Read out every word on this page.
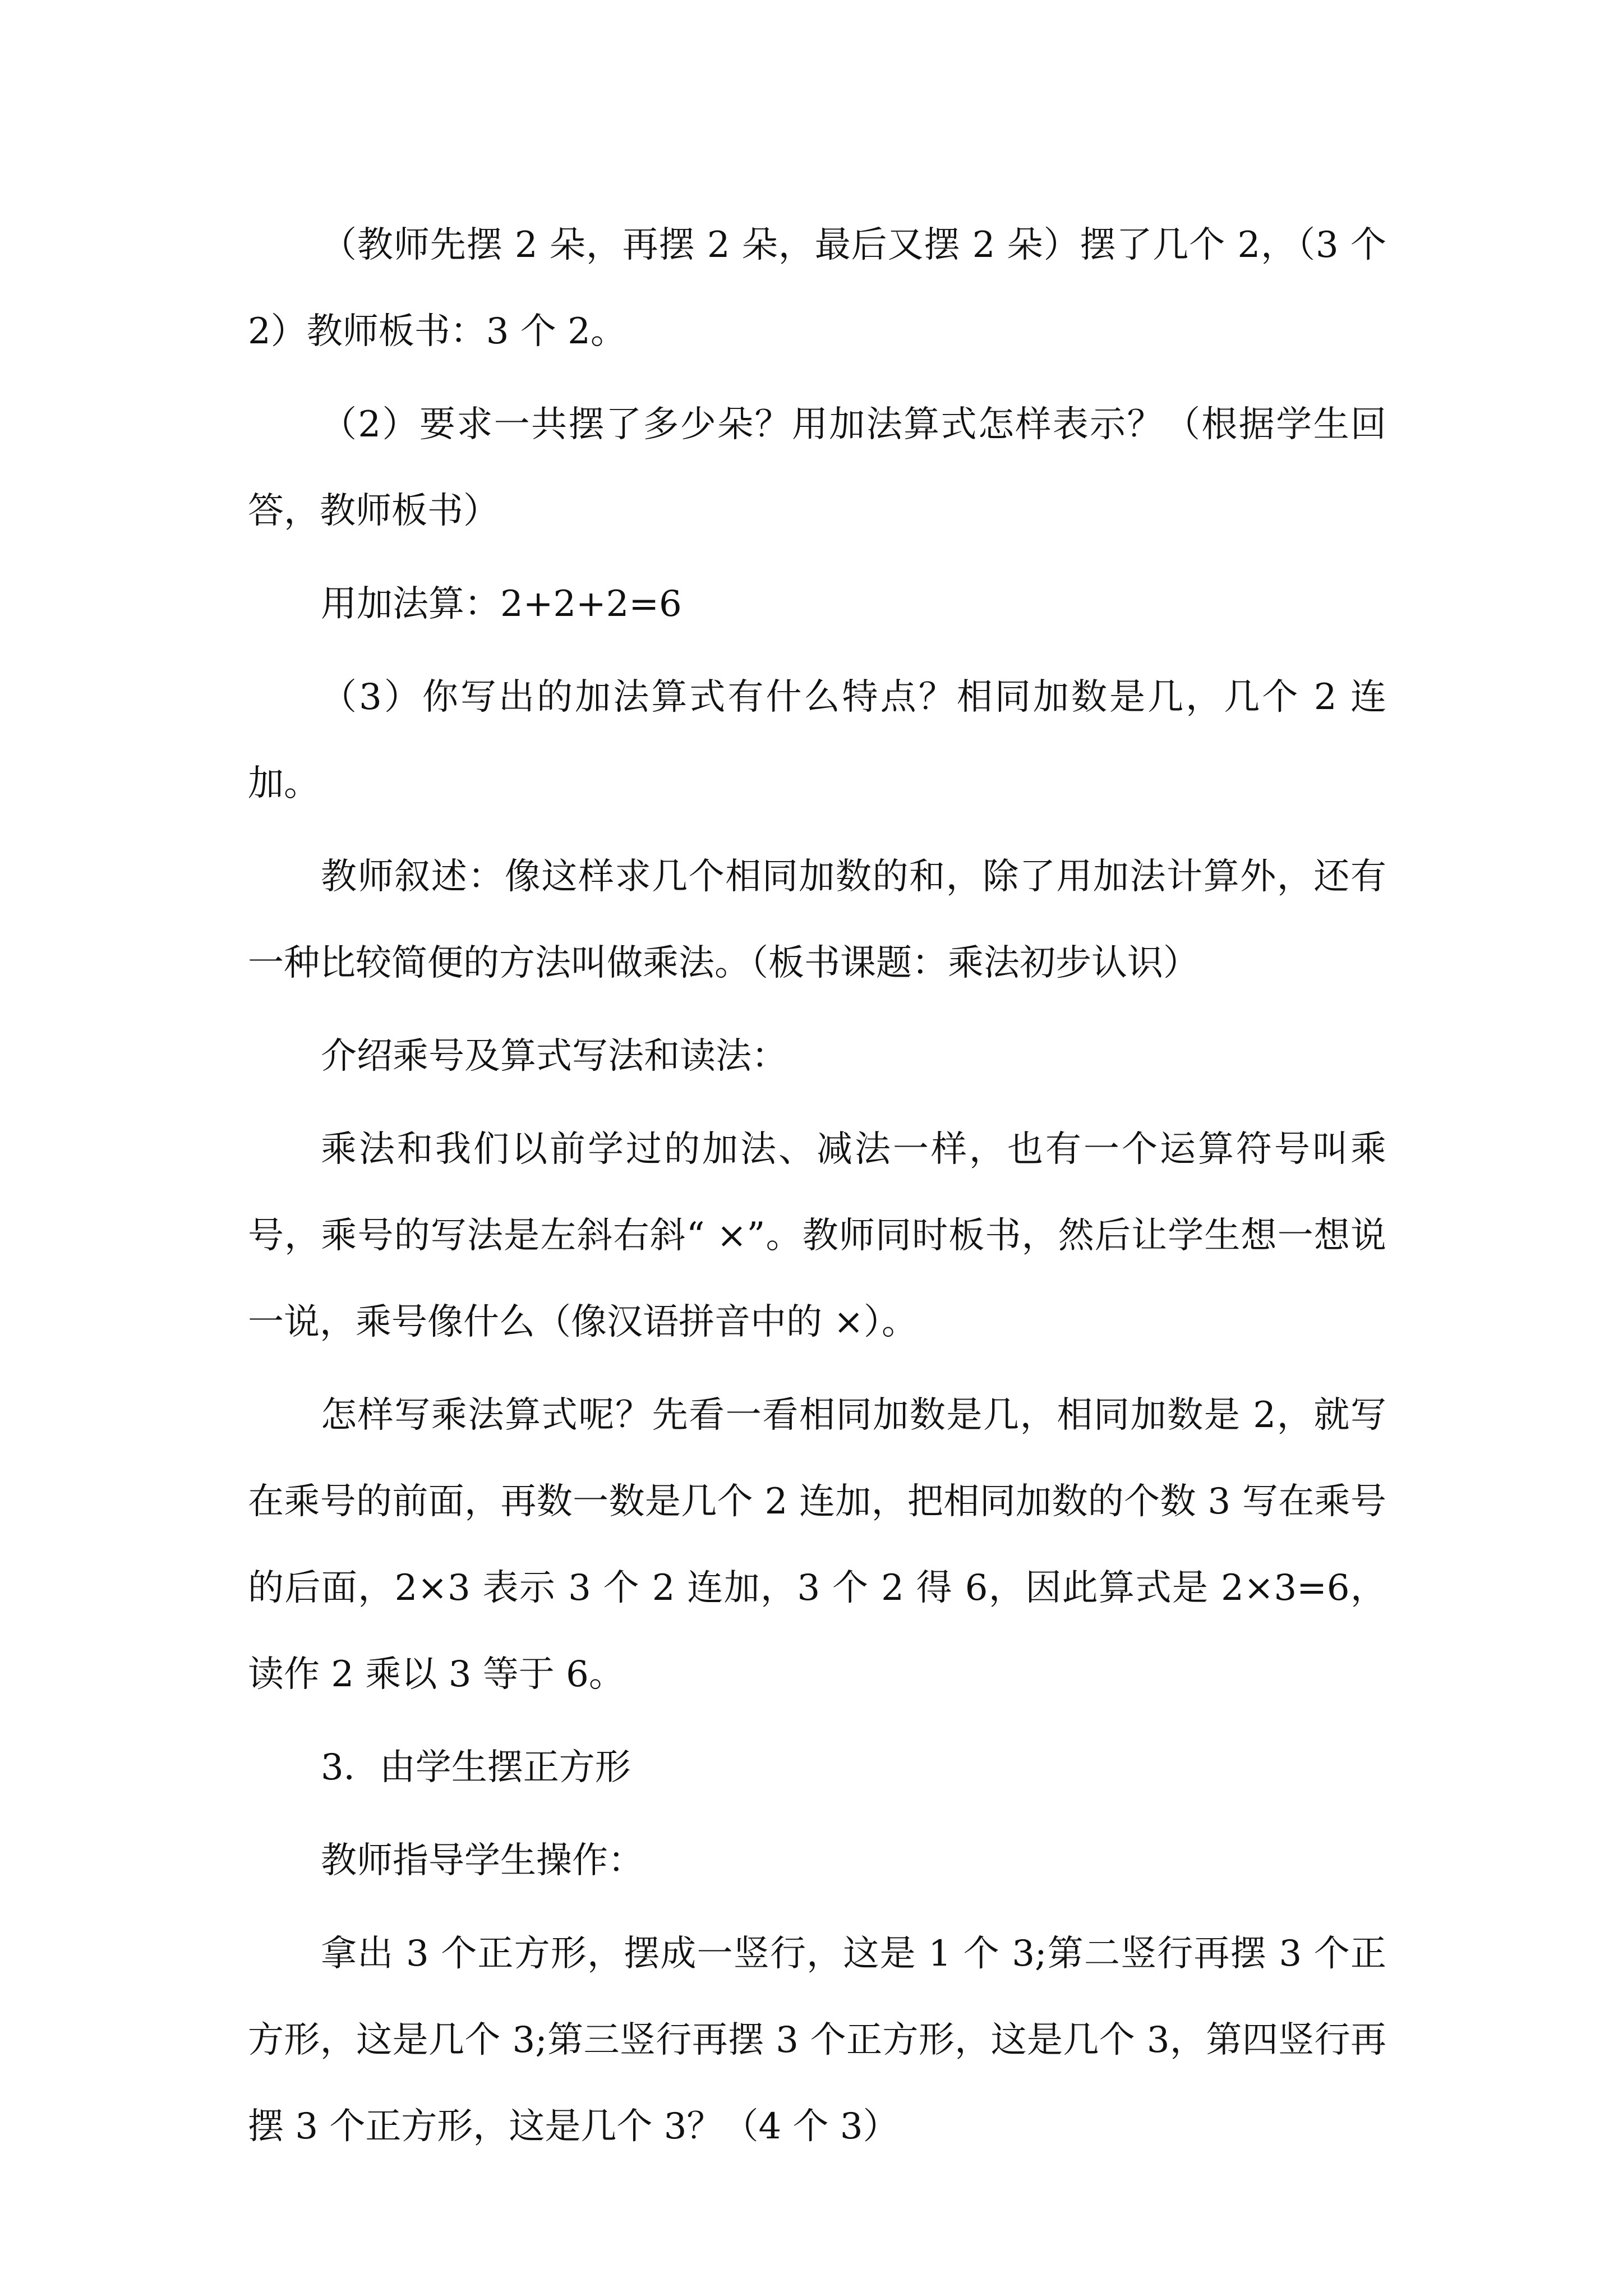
（教师先摆 2 朵，再摆 2 朵，最后又摆 2 朵）摆了几个 2，（3 个 2）教师板书：3 个 2。

（2）要求一共摆了多少朵？用加法算式怎样表示？（根据学生回答，教师板书）

用加法算：2+2+2=6

（3）你写出的加法算式有什么特点？相同加数是几，几个 2 连加。

教师叙述：像这样求几个相同加数的和，除了用加法计算外，还有一种比较简便的方法叫做乘法。（板书课题：乘法初步认识）

介绍乘号及算式写法和读法：

乘法和我们以前学过的加法、减法一样，也有一个运算符号叫乘号，乘号的写法是左斜右斜“ ×”。教师同时板书，然后让学生想一想说一说，乘号像什么（像汉语拼音中的 ×）。

怎样写乘法算式呢？先看一看相同加数是几，相同加数是 2，就写在乘号的前面，再数一数是几个 2 连加，把相同加数的个数 3 写在乘号的后面，2×3 表示 3 个 2 连加，3 个 2 得 6，因此算式是 2×3=6，读作 2 乘以 3 等于 6。

3．由学生摆正方形

教师指导学生操作：

拿出 3 个正方形，摆成一竖行，这是 1 个 3;第二竖行再摆 3 个正方形，这是几个 3;第三竖行再摆 3 个正方形，这是几个 3，第四竖行再摆 3 个正方形，这是几个 3？（4 个 3）
